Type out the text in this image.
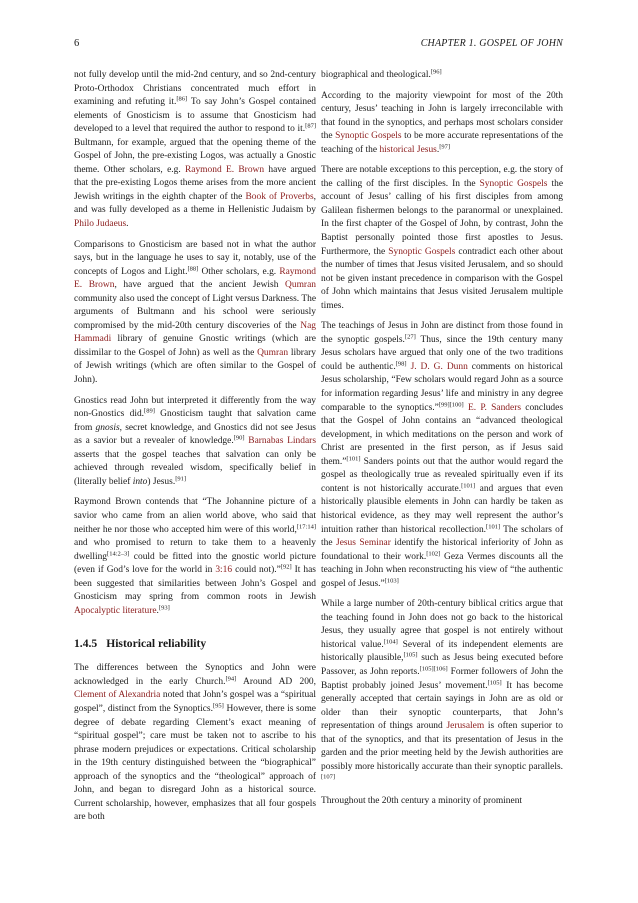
6	CHAPTER 1. GOSPEL OF JOHN

not fully develop until the mid-2nd century, and so 2nd-century Proto-Orthodox Christians concentrated much effort in examining and refuting it.[86] To say John’s Gospel contained elements of Gnosticism is to assume that Gnosticism had developed to a level that required the author to respond to it.[87] Bultmann, for example, argued that the opening theme of the Gospel of John, the pre-existing Logos, was actually a Gnostic theme. Other scholars, e.g. Raymond E. Brown have argued that the pre-existing Logos theme arises from the more ancient Jewish writings in the eighth chapter of the Book of Proverbs, and was fully developed as a theme in Hellenistic Judaism by Philo Judaeus.

Comparisons to Gnosticism are based not in what the author says, but in the language he uses to say it, notably, use of the concepts of Logos and Light.[88] Other scholars, e.g. Raymond E. Brown, have argued that the ancient Jewish Qumran community also used the concept of Light versus Darkness. The arguments of Bultmann and his school were seriously compromised by the mid-20th century discoveries of the Nag Hammadi library of genuine Gnostic writings (which are dissimilar to the Gospel of John) as well as the Qumran library of Jewish writings (which are often similar to the Gospel of John).

Gnostics read John but interpreted it differently from the way non-Gnostics did.[89] Gnosticism taught that salvation came from gnosis, secret knowledge, and Gnostics did not see Jesus as a savior but a revealer of knowledge.[90] Barnabas Lindars asserts that the gospel teaches that salvation can only be achieved through revealed wisdom, specifically belief in (literally belief into) Jesus.[91]

Raymond Brown contends that “The Johannine picture of a savior who came from an alien world above, who said that neither he nor those who accepted him were of this world,[17:14] and who promised to return to take them to a heavenly dwelling[14:2–3] could be fitted into the gnostic world picture (even if God’s love for the world in 3:16 could not).”[92] It has been suggested that similarities between John’s Gospel and Gnosticism may spring from common roots in Jewish Apocalyptic literature.[93]

1.4.5 Historical reliability

The differences between the Synoptics and John were acknowledged in the early Church.[94] Around AD 200, Clement of Alexandria noted that John’s gospel was a “spiritual gospel”, distinct from the Synoptics.[95] However, there is some degree of debate regarding Clement’s exact meaning of “spiritual gospel”; care must be taken not to ascribe to his phrase modern prejudices or expectations. Critical scholarship in the 19th century distinguished between the “biographical” approach of the synoptics and the “theological” approach of John, and began to disregard John as a historical source. Current scholarship, however, emphasizes that all four gospels are both

biographical and theological.[96]

According to the majority viewpoint for most of the 20th century, Jesus’ teaching in John is largely irreconcilable with that found in the synoptics, and perhaps most scholars consider the Synoptic Gospels to be more accurate representations of the teaching of the historical Jesus.[97]

There are notable exceptions to this perception, e.g. the story of the calling of the first disciples. In the Synoptic Gospels the account of Jesus’ calling of his first disciples from among Galilean fishermen belongs to the paranormal or unexplained. In the first chapter of the Gospel of John, by contrast, John the Baptist personally pointed those first apostles to Jesus. Furthermore, the Synoptic Gospels contradict each other about the number of times that Jesus visited Jerusalem, and so should not be given instant precedence in comparison with the Gospel of John which maintains that Jesus visited Jerusalem multiple times.

The teachings of Jesus in John are distinct from those found in the synoptic gospels.[27] Thus, since the 19th century many Jesus scholars have argued that only one of the two traditions could be authentic.[98] J. D. G. Dunn comments on historical Jesus scholarship, “Few scholars would regard John as a source for information regarding Jesus’ life and ministry in any degree comparable to the synoptics.”[99][100] E. P. Sanders concludes that the Gospel of John contains an “advanced theological development, in which meditations on the person and work of Christ are presented in the first person, as if Jesus said them.”[101] Sanders points out that the author would regard the gospel as theologically true as revealed spiritually even if its content is not historically accurate.[101] and argues that even historically plausible elements in John can hardly be taken as historical evidence, as they may well represent the author’s intuition rather than historical recollection.[101] The scholars of the Jesus Seminar identify the historical inferiority of John as foundational to their work.[102] Geza Vermes discounts all the teaching in John when reconstructing his view of “the authentic gospel of Jesus.”[103]

While a large number of 20th-century biblical critics argue that the teaching found in John does not go back to the historical Jesus, they usually agree that gospel is not entirely without historical value.[104] Several of its independent elements are historically plausible,[105] such as Jesus being executed before Passover, as John reports.[105][106] Former followers of John the Baptist probably joined Jesus’ movement.[105] It has become generally accepted that certain sayings in John are as old or older than their synoptic counterparts, that John’s representation of things around Jerusalem is often superior to that of the synoptics, and that its presentation of Jesus in the garden and the prior meeting held by the Jewish authorities are possibly more historically accurate than their synoptic parallels.[107]

Throughout the 20th century a minority of prominent
